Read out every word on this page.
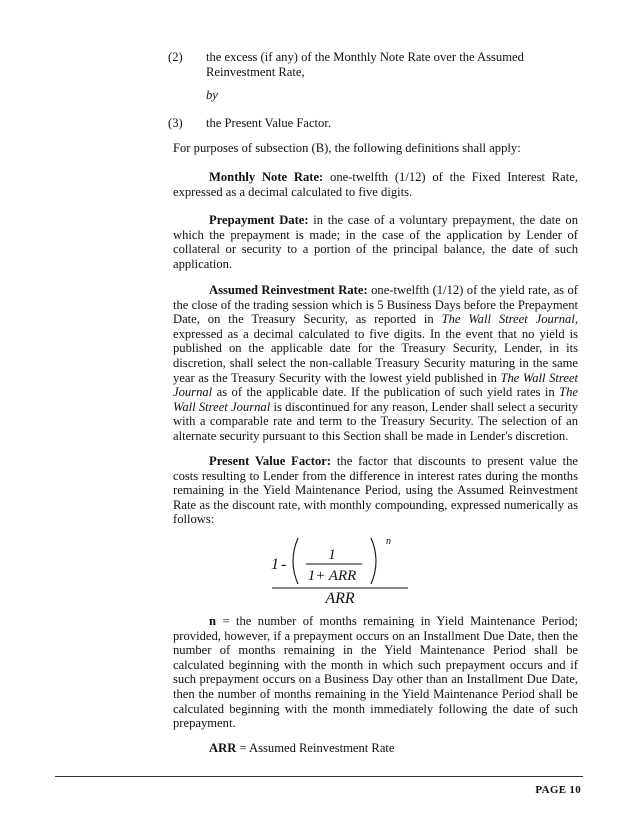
(2) the excess (if any) of the Monthly Note Rate over the Assumed Reinvestment Rate,
by
(3) the Present Value Factor.
For purposes of subsection (B), the following definitions shall apply:
Monthly Note Rate: one-twelfth (1/12) of the Fixed Interest Rate, expressed as a decimal calculated to five digits.
Prepayment Date: in the case of a voluntary prepayment, the date on which the prepayment is made; in the case of the application by Lender of collateral or security to a portion of the principal balance, the date of such application.
Assumed Reinvestment Rate: one-twelfth (1/12) of the yield rate, as of the close of the trading session which is 5 Business Days before the Prepayment Date, on the Treasury Security, as reported in The Wall Street Journal, expressed as a decimal calculated to five digits. In the event that no yield is published on the applicable date for the Treasury Security, Lender, in its discretion, shall select the non-callable Treasury Security maturing in the same year as the Treasury Security with the lowest yield published in The Wall Street Journal as of the applicable date. If the publication of such yield rates in The Wall Street Journal is discontinued for any reason, Lender shall select a security with a comparable rate and term to the Treasury Security. The selection of an alternate security pursuant to this Section shall be made in Lender's discretion.
Present Value Factor: the factor that discounts to present value the costs resulting to Lender from the difference in interest rates during the months remaining in the Yield Maintenance Period, using the Assumed Reinvestment Rate as the discount rate, with monthly compounding, expressed numerically as follows:
1 -
1
1+ ARR
n
ARR
n = the number of months remaining in Yield Maintenance Period; provided, however, if a prepayment occurs on an Installment Due Date, then the number of months remaining in the Yield Maintenance Period shall be calculated beginning with the month in which such prepayment occurs and if such prepayment occurs on a Business Day other than an Installment Due Date, then the number of months remaining in the Yield Maintenance Period shall be calculated beginning with the month immediately following the date of such prepayment.
ARR = Assumed Reinvestment Rate
PAGE 10
